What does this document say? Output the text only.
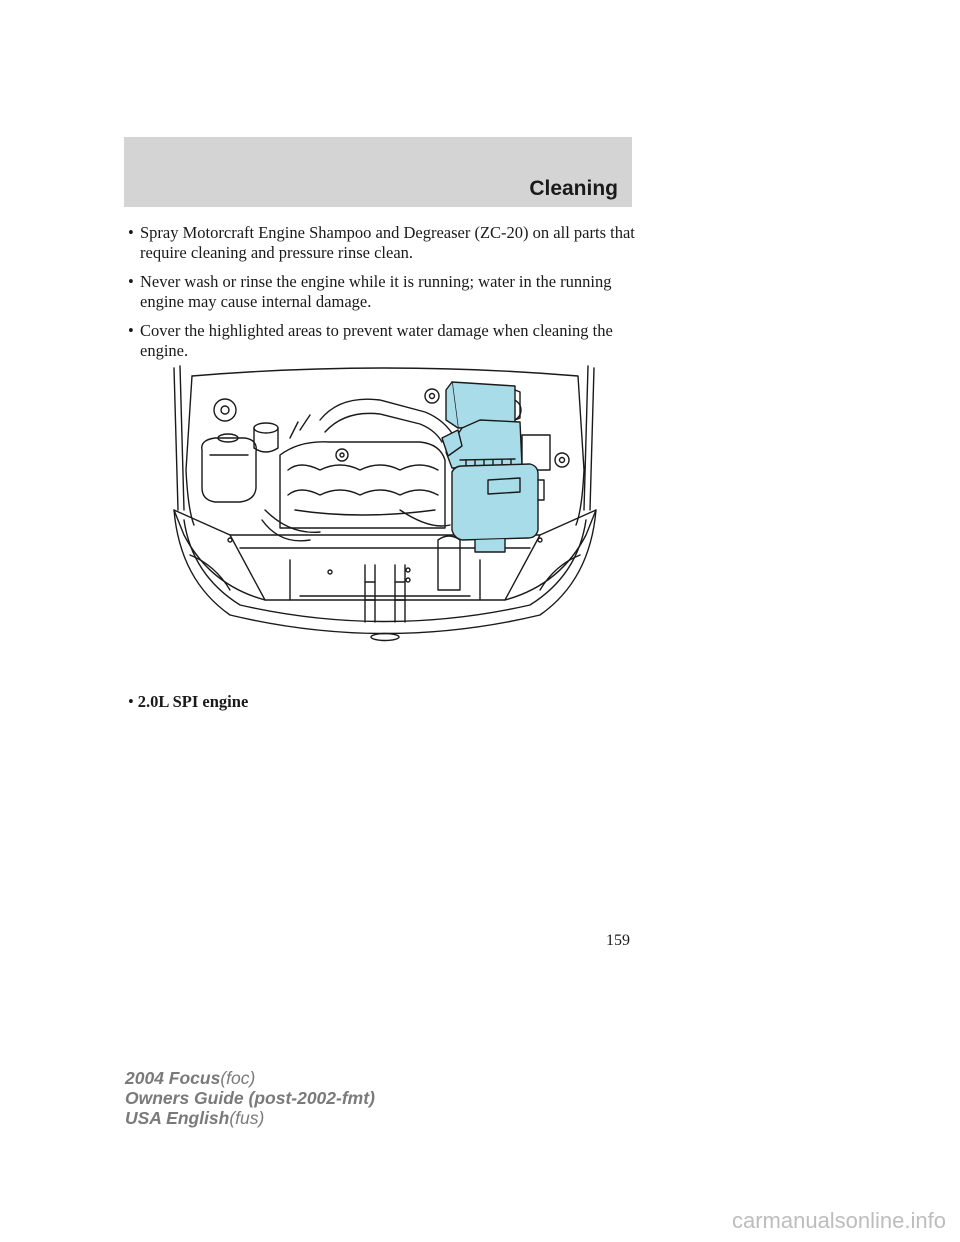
Cleaning
• Spray Motorcraft Engine Shampoo and Degreaser (ZC-20) on all parts that require cleaning and pressure rinse clean.
• Never wash or rinse the engine while it is running; water in the running engine may cause internal damage.
• Cover the highlighted areas to prevent water damage when cleaning the engine.
• 2.0L SPI engine
159
2004 Focus(foc)
Owners Guide (post-2002-fmt)
USA English(fus)
carmanualsonline.info
